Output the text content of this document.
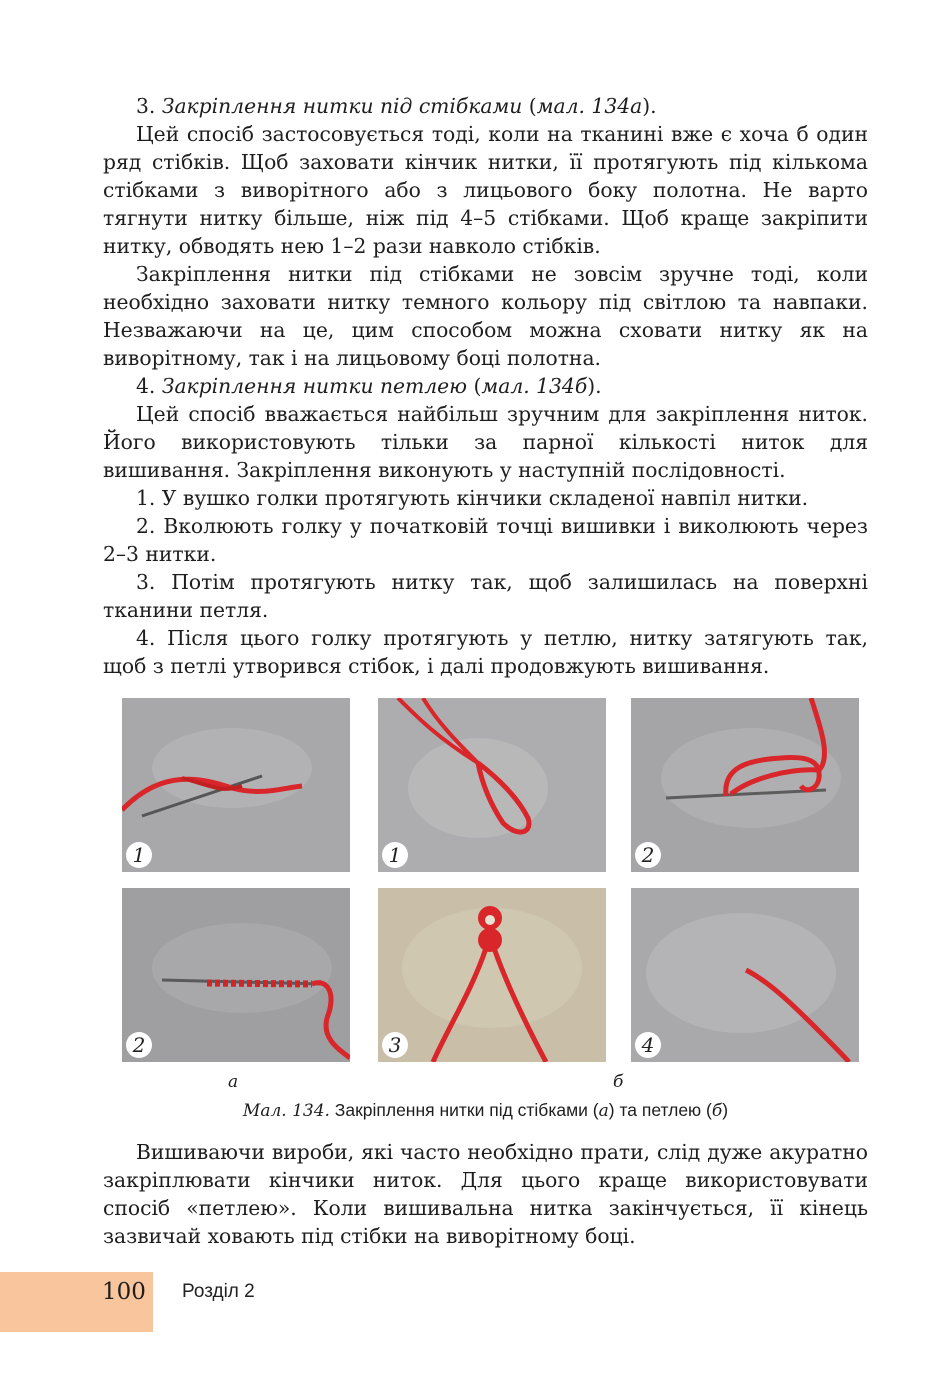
3. Закріплення нитки під стібками (мал. 134а).

Цей спосіб застосовується тоді, коли на тканині вже є хоча б один ряд стібків. Щоб заховати кінчик нитки, її протягують під кількома стібками з виворітного або з лицьового боку полотна. Не варто тягнути нитку більше, ніж під 4–5 стібками. Щоб краще закріпити нитку, обводять нею 1–2 рази навколо стібків.

Закріплення нитки під стібками не зовсім зручне тоді, коли необхідно заховати нитку темного кольору під світлою та навпаки. Незважаючи на це, цим способом можна сховати нитку як на виворітному, так і на лицьовому боці полотна.

4. Закріплення нитки петлею (мал. 134б).

Цей спосіб вважається найбільш зручним для закріплення ниток. Його використовують тільки за парної кількості ниток для вишивання. Закріплення виконують у наступній послідовності.

1. У вушко голки протягують кінчики складеної навпіл нитки.

2. Вколюють голку у початковій точці вишивки і виколюють через 2–3 нитки.

3. Потім протягують нитку так, щоб залишилась на поверхні тканини петля.

4. Після цього голку протягують у петлю, нитку затягують так, щоб з петлі утворився стібок, і далі продовжують вишивання.

1
2
1
3
2
4
а	б
Мал. 134. Закріплення нитки під стібками (а) та петлею (б)

Вишиваючи вироби, які часто необхідно прати, слід дуже акуратно закріплювати кінчики ниток. Для цього краще використовувати спосіб «петлею». Коли вишивальна нитка закінчується, її кінець зазвичай ховають під стібки на виворітному боці.

100 Розділ 2
